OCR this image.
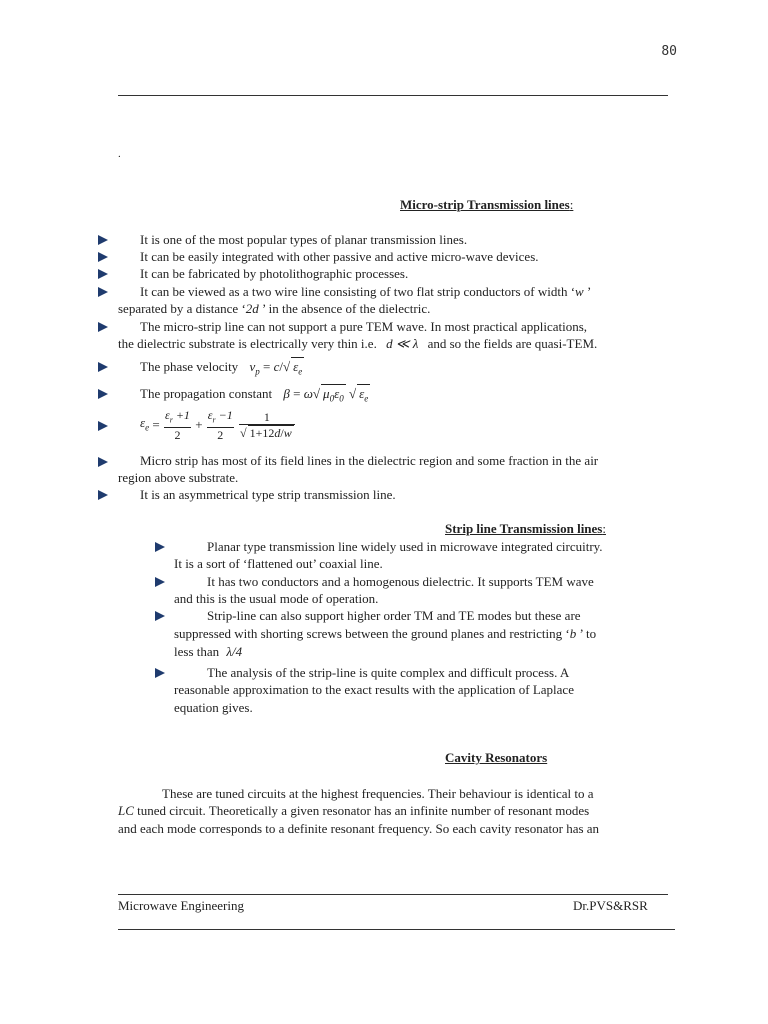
80
.
Micro-strip Transmission lines:
It is one of the most popular types of planar transmission lines.
It can be easily integrated with other passive and active micro-wave devices.
It can be fabricated by photolithographic processes.
It can be viewed as a two wire line consisting of two flat strip conductors of width ‘w ’
separated by a distance ‘2d ’ in the absence of the dielectric.
The micro-strip line can not support a pure TEM wave. In most practical applications,
the dielectric substrate is electrically very thin i.e. d ≪ λ and so the fields are quasi-TEM.
The phase velocity $v_p = c/√$ $\varepsilon_e$
The propagation constant β = ω√ $\mu_0\varepsilon_0$ √ $\varepsilon_e$
$\varepsilon_e = \frac{\varepsilon_r +1}{2} + \frac{\varepsilon_r -1}{2}$
$\frac{1}{√ 1+12d/w}$
Micro strip has most of its field lines in the dielectric region and some fraction in the air
region above substrate.
It is an asymmetrical type strip transmission line.
Strip line Transmission lines:
Planar type transmission line widely used in microwave integrated circuitry.
It is a sort of ‘flattened out’ coaxial line.
It has two conductors and a homogenous dielectric. It supports TEM wave
and this is the usual mode of operation.
Strip-line can also support higher order TM and TE modes but these are
suppressed with shorting screws between the ground planes and restricting ‘b ’ to
less than λ/4
The analysis of the strip-line is quite complex and difficult process. A
reasonable approximation to the exact results with the application of Laplace
equation gives.
Cavity Resonators
These are tuned circuits at the highest frequencies. Their behaviour is identical to a
LC tuned circuit. Theoretically a given resonator has an infinite number of resonant modes
and each mode corresponds to a definite resonant frequency. So each cavity resonator has an
Microwave Engineering	Dr.PVS&RSR
